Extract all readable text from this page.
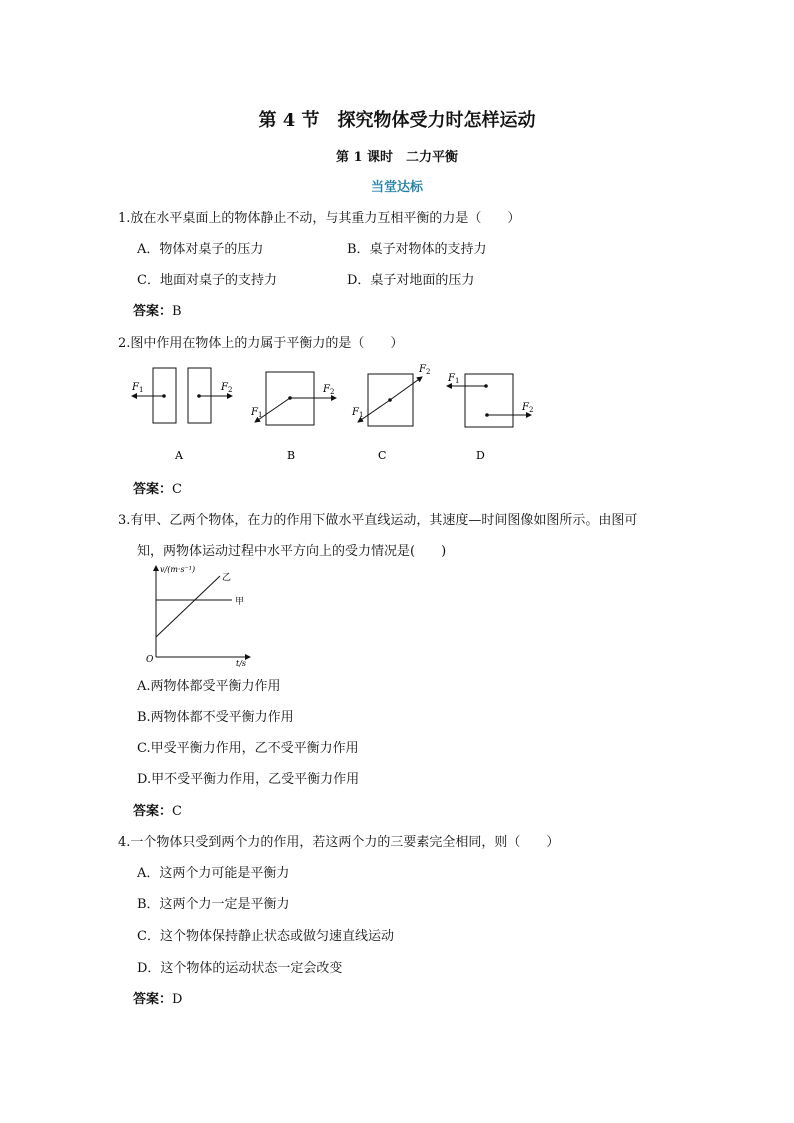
第 4 节　探究物体受力时怎样运动
第 1 课时　二力平衡
当堂达标
1.放在水平桌面上的物体静止不动，与其重力互相平衡的力是（　　）
A．物体对桌子的压力	B．桌子对物体的支持力
C．地面对桌子的支持力	D．桌子对地面的压力
答案：B
2.图中作用在物体上的力属于平衡力的是（　　）
$F_1$	$F_2$
A
$F_1$
$F_2$
B
$F_1$
$F_2$
C
$F_1$
$F_2$
D
答案：C
3.有甲、乙两个物体，在力的作用下做水平直线运动，其速度—时间图像如图所示。由图可
知，两物体运动过程中水平方向上的受力情况是(　　)
v/(m·s⁻¹)
t/s
O
甲
乙
A.两物体都受平衡力作用
B.两物体都不受平衡力作用
C.甲受平衡力作用，乙不受平衡力作用
D.甲不受平衡力作用，乙受平衡力作用
答案：C
4.一个物体只受到两个力的作用，若这两个力的三要素完全相同，则（　　）
A．这两个力可能是平衡力
B．这两个力一定是平衡力
C．这个物体保持静止状态或做匀速直线运动
D．这个物体的运动状态一定会改变
答案：D
